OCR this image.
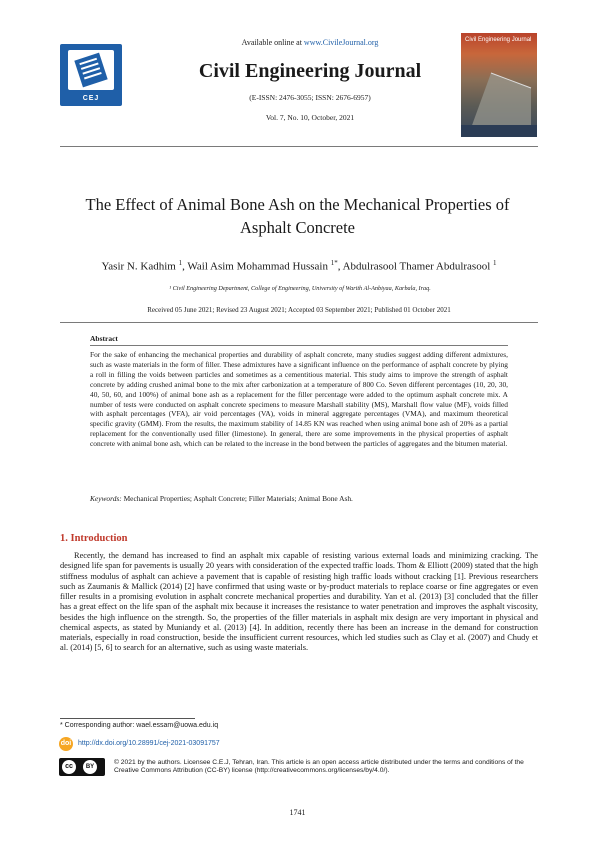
CEJ
Available online at www.CivileJournal.org
Civil Engineering Journal
(E-ISSN: 2476-3055; ISSN: 2676-6957)
Vol. 7, No. 10, October, 2021
Civil Engineering Journal
The Effect of Animal Bone Ash on the Mechanical Properties of
Asphalt Concrete
Yasir N. Kadhim $^1$, Wail Asim Mohammad Hussain $^{1*}$, Abdulrasool Thamer Abdulrasool $^1$
¹ Civil Engineering Department, College of Engineering, University of Warith Al-Anbiyaa, Karbala, Iraq.
Received 05 June 2021; Revised 23 August 2021; Accepted 03 September 2021; Published 01 October 2021
Abstract
For the sake of enhancing the mechanical properties and durability of asphalt concrete, many studies suggest adding different admixtures, such as waste materials in the form of filler. These admixtures have a significant influence on the performance of asphalt concrete by plying a roll in filling the voids between particles and sometimes as a cementitious material. This study aims to improve the strength of asphalt concrete by adding crushed animal bone to the mix after carbonization at a temperature of 800 Co. Seven different percentages (10, 20, 30, 40, 50, 60, and 100%) of animal bone ash as a replacement for the filler percentage were added to the optimum asphalt concrete mix. A number of tests were conducted on asphalt concrete specimens to measure Marshall stability (MS), Marshall flow value (MF), voids filled with asphalt percentages (VFA), air void percentages (VA), voids in mineral aggregate percentages (VMA), and maximum theoretical specific gravity (GMM). From the results, the maximum stability of 14.85 KN was reached when using animal bone ash of 20% as a partial replacement for the conventionally used filler (limestone). In general, there are some improvements in the physical properties of asphalt concrete with animal bone ash, which can be related to the increase in the bond between the particles of aggregates and the bitumen material.
Keywords: Mechanical Properties; Asphalt Concrete; Filler Materials; Animal Bone Ash.
1. Introduction
Recently, the demand has increased to find an asphalt mix capable of resisting various external loads and minimizing cracking. The designed life span for pavements is usually 20 years with consideration of the expected traffic loads. Thom & Elliott (2009) stated that the high stiffness modulus of asphalt can achieve a pavement that is capable of resisting high traffic loads without cracking [1]. Previous researchers such as Zaumanis & Mallick (2014) [2] have confirmed that using waste or by-product materials to replace coarse or fine aggregates or even filler results in a promising evolution in asphalt concrete mechanical properties and durability. Yan et al. (2013) [3] concluded that the filler has a great effect on the life span of the asphalt mix because it increases the resistance to water penetration and improves the asphalt viscosity, besides the high influence on the strength. So, the properties of the filler materials in asphalt mix design are very important in physical and chemical aspects, as stated by Muniandy et al. (2013) [4]. In addition, recently there has been an increase in the demand for construction materials, especially in road construction, beside the insufficient current resources, which led studies such as Clay et al. (2007) and Chudy et al. (2014) [5, 6] to search for an alternative, such as using waste materials.
* Corresponding author: wael.essam@uowa.edu.iq
doi http://dx.doi.org/10.28991/cej-2021-03091757
cc	BY
© 2021 by the authors. Licensee C.E.J, Tehran, Iran. This article is an open access article distributed under the terms and conditions of the Creative Commons Attribution (CC-BY) license (http://creativecommons.org/licenses/by/4.0/).
1741
